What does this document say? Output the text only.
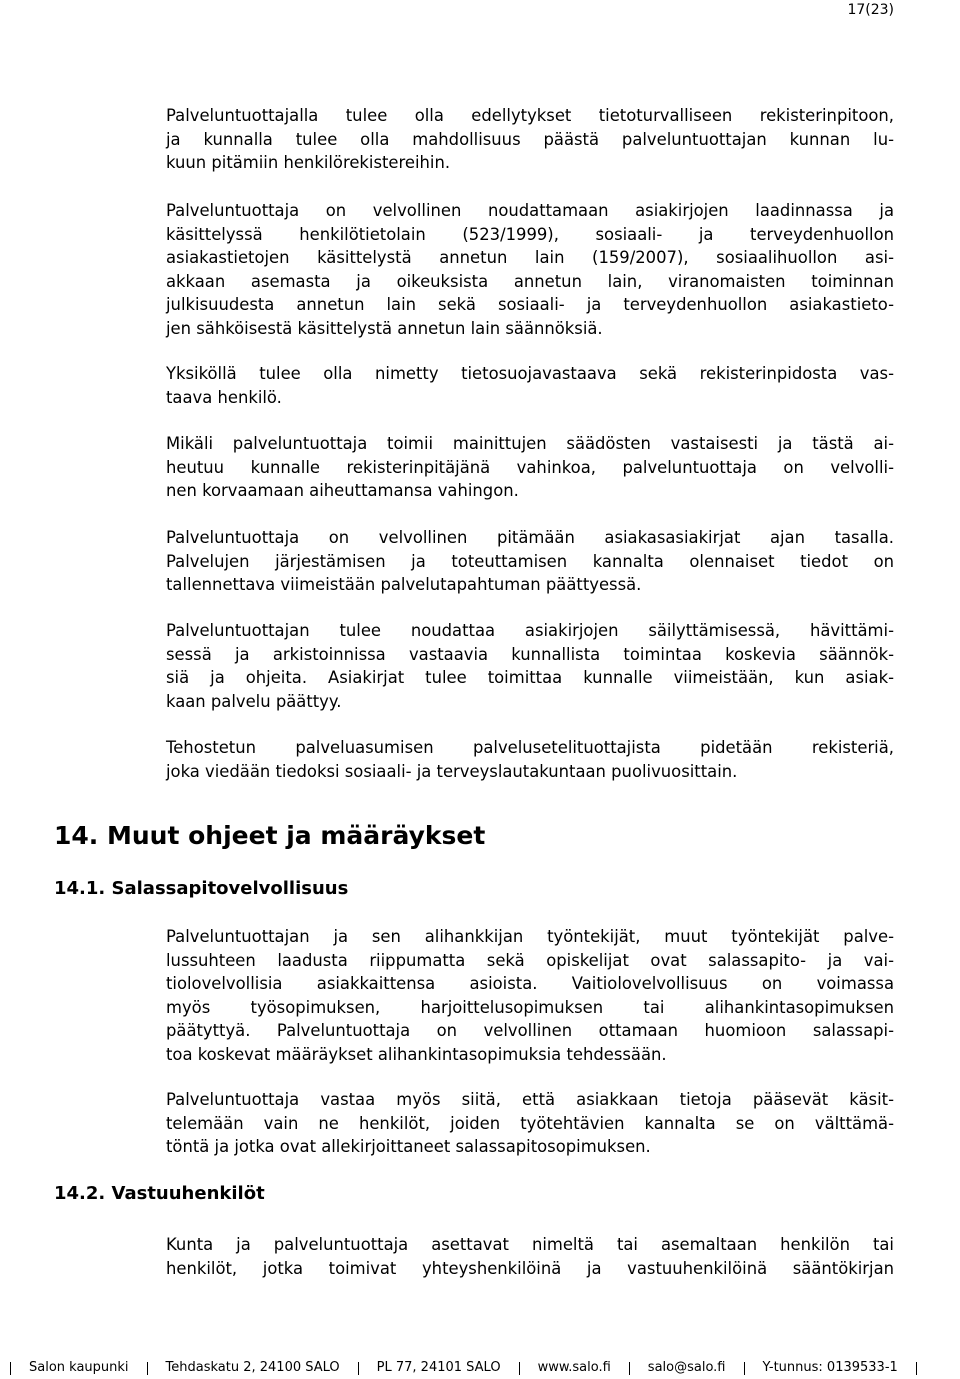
17(23)
Palveluntuottajalla tulee olla edellytykset tietoturvalliseen rekisterinpitoon,
ja kunnalla tulee olla mahdollisuus päästä palveluntuottajan kunnan lu-
kuun pitämiin henkilörekistereihin.
Palveluntuottaja on velvollinen noudattamaan asiakirjojen laadinnassa ja
käsittelyssä henkilötietolain (523/1999), sosiaali- ja terveydenhuollon
asiakastietojen käsittelystä annetun lain (159/2007), sosiaalihuollon asi-
akkaan asemasta ja oikeuksista annetun lain, viranomaisten toiminnan
julkisuudesta annetun lain sekä sosiaali- ja terveydenhuollon asiakastieto-
jen sähköisestä käsittelystä annetun lain säännöksiä.
Yksiköllä tulee olla nimetty tietosuojavastaava sekä rekisterinpidosta vas-
taava henkilö.
Mikäli palveluntuottaja toimii mainittujen säädösten vastaisesti ja tästä ai-
heutuu kunnalle rekisterinpitäjänä vahinkoa, palveluntuottaja on velvolli-
nen korvaamaan aiheuttamansa vahingon.
Palveluntuottaja on velvollinen pitämään asiakasasiakirjat ajan tasalla.
Palvelujen järjestämisen ja toteuttamisen kannalta olennaiset tiedot on
tallennettava viimeistään palvelutapahtuman päättyessä.
Palveluntuottajan tulee noudattaa asiakirjojen säilyttämisessä, hävittämi-
sessä ja arkistoinnissa vastaavia kunnallista toimintaa koskevia säännök-
siä ja ohjeita. Asiakirjat tulee toimittaa kunnalle viimeistään, kun asiak-
kaan palvelu päättyy.
Tehostetun palveluasumisen palvelusetelituottajista pidetään rekisteriä,
joka viedään tiedoksi sosiaali- ja terveyslautakuntaan puolivuosittain.
14. Muut ohjeet ja määräykset
14.1. Salassapitovelvollisuus
Palveluntuottajan ja sen alihankkijan työntekijät, muut työntekijät palve-
lussuhteen laadusta riippumatta sekä opiskelijat ovat salassapito- ja vai-
tiolovelvollisia asiakkaittensa asioista. Vaitiolovelvollisuus on voimassa
myös työsopimuksen, harjoittelusopimuksen tai alihankintasopimuksen
päätyttyä. Palveluntuottaja on velvollinen ottamaan huomioon salassapi-
toa koskevat määräykset alihankintasopimuksia tehdessään.
Palveluntuottaja vastaa myös siitä, että asiakkaan tietoja pääsevät käsit-
telemään vain ne henkilöt, joiden työtehtävien kannalta se on välttämä-
töntä ja jotka ovat allekirjoittaneet salassapitosopimuksen.
14.2. Vastuuhenkilöt
Kunta ja palveluntuottaja asettavat nimeltä tai asemaltaan henkilön tai
henkilöt, jotka toimivat yhteyshenkilöinä ja vastuuhenkilöinä sääntökirjan
Salon kaupunki	Tehdaskatu 2, 24100 SALO	PL 77, 24101 SALO	www.salo.fi	salo@salo.fi	Y-tunnus: 0139533-1
